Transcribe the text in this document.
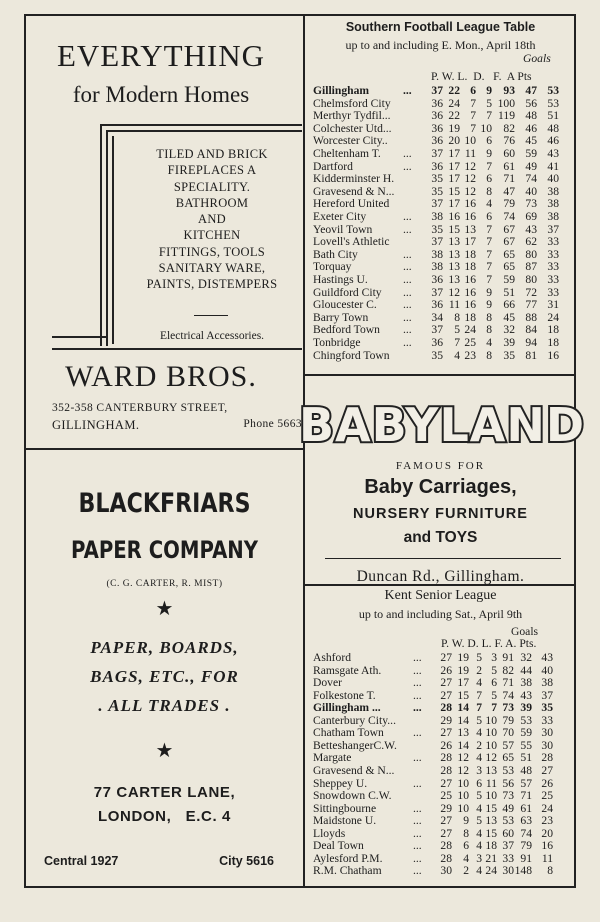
EVERYTHING
for Modern Homes
TILED AND BRICK
FIREPLACES A
SPECIALITY.
BATHROOM
AND
KITCHEN
FITTINGS, TOOLS
SANITARY WARE,
PAINTS, DISTEMPERS
Electrical Accessories.
WARD BROS.
352-358 CANTERBURY STREET,
GILLINGHAM.	Phone 5663
Southern Football League Table
up to and including E. Mon., April 18th
Goals
P. W. L.  D.   F.  A Pts
Gillingham	... 37 22 6 9 93 47 53
Chelmsford City	36 24 7 5 100 56 53
Merthyr Tydfil...	36 22 7 7 119 48 51
Colchester Utd...	36 19 7 10 82 46 48
Worcester City..	36 20 10 6 76 45 46
Cheltenham T. ... 37 17 11 9 60 59 43
Dartford	... 36 17 12 7 61 49 41
Kidderminster H.	35 17 12 6 71 74 40
Gravesend & N...	35 15 12 8 47 40 38
Hereford United	37 17 16 4 79 73 38
Exeter City	... 38 16 16 6 74 69 38
Yeovil Town	... 35 15 13 7 67 43 37
Lovell's Athletic	37 13 17 7 67 62 33
Bath City	... 38 13 18 7 65 80 33
Torquay	... 38 13 18 7 65 87 33
Hastings U.	... 36 13 16 7 59 80 33
Guildford City ... 37 12 16 9 51 72 33
Gloucester C. ... 36 11 16 9 66 77 31
Barry Town	... 34 8 18 8 45 88 24
Bedford Town ... 37 5 24 8 32 84 18
Tonbridge	... 36 7 25 4 39 94 18
Chingford Town	35 4 23 8 35 81 16
BABYLAND
FAMOUS FOR
Baby Carriages,
NURSERY FURNITURE
and TOYS
Duncan Rd., Gillingham.
BLACKFRIARS
PAPER COMPANY
(C. G. CARTER, R. MIST)
★
PAPER, BOARDS,
BAGS, ETC., FOR
. ALL TRADES .
★
77 CARTER LANE,
LONDON,   E.C. 4
Central 1927	City 5616
Kent Senior League
up to and including Sat., April 9th
Goals
P. W. D. L. F. A. Pts.
Ashford	... 27 19 5 3 91 32 43
Ramsgate Ath.	... 26 19 2 5 82 44 40
Dover	... 27 17 4 6 71 38 38
Folkestone T.	... 27 15 7 5 74 43 37
Gillingham ...	... 28 14 7 7 73 39 35
Canterbury City...	29 14 5 10 79 53 33
Chatham Town	... 27 13 4 10 70 59 30
BetteshangerC.W.	26 14 2 10 57 55 30
Margate	... 28 12 4 12 65 51 28
Gravesend & N...	28 12 3 13 53 48 27
Sheppey U.	... 27 10 6 11 56 57 26
Snowdown C.W.	25 10 5 10 73 71 25
Sittingbourne	... 29 10 4 15 49 61 24
Maidstone U.	... 27 9 5 13 53 63 23
Lloyds	... 27 8 4 15 60 74 20
Deal Town	... 28 6 4 18 37 79 16
Aylesford P.M.	... 28 4 3 21 33 91 11
R.M. Chatham	... 30 2 4 24 30 148 8
